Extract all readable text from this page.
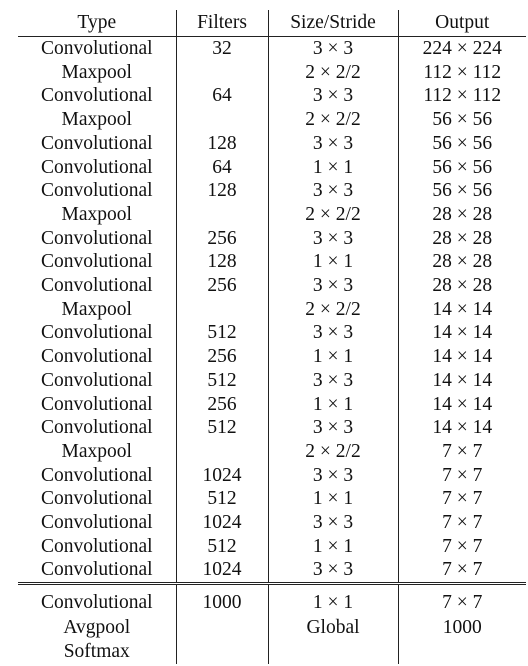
Type	Filters	Size/Stride	Output
Convolutional	32	3 × 3	224 × 224
Maxpool		2 × 2/2	112 × 112
Convolutional	64	3 × 3	112 × 112
Maxpool		2 × 2/2	56 × 56
Convolutional	128	3 × 3	56 × 56
Convolutional	64	1 × 1	56 × 56
Convolutional	128	3 × 3	56 × 56
Maxpool		2 × 2/2	28 × 28
Convolutional	256	3 × 3	28 × 28
Convolutional	128	1 × 1	28 × 28
Convolutional	256	3 × 3	28 × 28
Maxpool		2 × 2/2	14 × 14
Convolutional	512	3 × 3	14 × 14
Convolutional	256	1 × 1	14 × 14
Convolutional	512	3 × 3	14 × 14
Convolutional	256	1 × 1	14 × 14
Convolutional	512	3 × 3	14 × 14
Maxpool		2 × 2/2	7 × 7
Convolutional	1024	3 × 3	7 × 7
Convolutional	512	1 × 1	7 × 7
Convolutional	1024	3 × 3	7 × 7
Convolutional	512	1 × 1	7 × 7
Convolutional	1024	3 × 3	7 × 7
Convolutional	1000	1 × 1	7 × 7
Avgpool		Global	1000
Softmax			
